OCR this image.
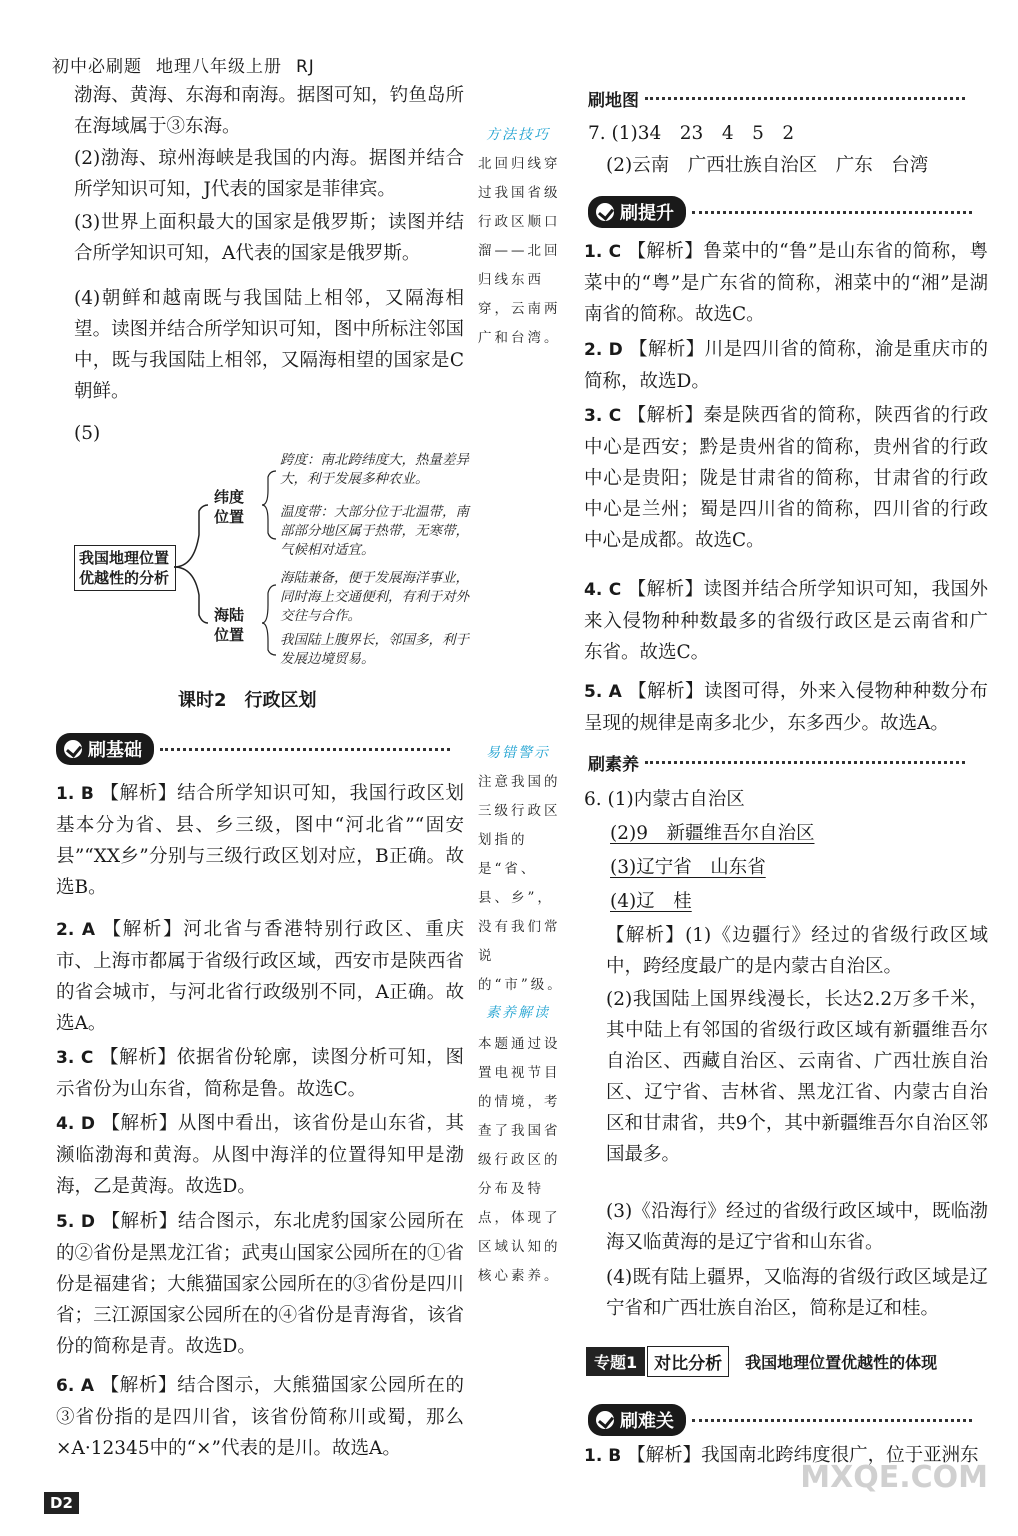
初中必刷题 地理八年级上册 RJ

渤海、黄海、东海和南海。据图可知，钓鱼岛所在海域属于③东海。

(2)渤海、琼州海峡是我国的内海。据图并结合所学知识可知，J代表的国家是菲律宾。

(3)世界上面积最大的国家是俄罗斯；读图并结合所学知识可知，A代表的国家是俄罗斯。

(4)朝鲜和越南既与我国陆上相邻，又隔海相望。读图并结合所学知识可知，图中所标注邻国中，既与我国陆上相邻，又隔海相望的国家是C朝鲜。

(5)

我国地理位置优越性的分析
纬度位置
海陆位置
跨度：南北跨纬度大，热量差异大，利于发展多种农业。
温度带：大部分位于北温带，南部部分地区属于热带，无寒带，气候相对适宜。
海陆兼备，便于发展海洋事业，同时海上交通便利，有利于对外交往与合作。
我国陆上腹界长，邻国多，利于发展边境贸易。
课时2　行政区划
刷基础
1. B 【解析】结合所学知识可知，我国行政区划基本分为省、县、乡三级，图中“河北省”“固安县”“XX乡”分别与三级行政区划对应，B正确。故选B。
2. A 【解析】河北省与香港特别行政区、重庆市、上海市都属于省级行政区域，西安市是陕西省的省会城市，与河北省行政级别不同，A正确。故选A。
3. C 【解析】依据省份轮廓，读图分析可知，图示省份为山东省，简称是鲁。故选C。
4. D 【解析】从图中看出，该省份是山东省，其濒临渤海和黄海。从图中海洋的位置得知甲是渤海，乙是黄海。故选D。
5. D 【解析】结合图示，东北虎豹国家公园所在的②省份是黑龙江省；武夷山国家公园所在的①省份是福建省；大熊猫国家公园所在的③省份是四川省；三江源国家公园所在的④省份是青海省，该省份的简称是青。故选D。
6. A 【解析】结合图示，大熊猫国家公园所在的③省份指的是四川省，该省份简称川或蜀，那么×A·12345中的“×”代表的是川。故选A。
方法技巧
北回归线穿过我国省级行政区顺口溜——北回归线东西穿，云南两广和台湾。
易错警示
注意我国的三级行政区划指的是“省、县、乡”，没有我们常说的“市”级。
素养解读
本题通过设置电视节目的情境，考查了我国省级行政区的分布及特点，体现了区域认知的核心素养。
刷地图
7. (1)34　23　4　5　2
(2)云南　广西壮族自治区　广东　台湾
刷提升
1. C 【解析】鲁菜中的“鲁”是山东省的简称，粤菜中的“粤”是广东省的简称，湘菜中的“湘”是湖南省的简称。故选C。
2. D 【解析】川是四川省的简称，渝是重庆市的简称，故选D。
3. C 【解析】秦是陕西省的简称，陕西省的行政中心是西安；黔是贵州省的简称，贵州省的行政中心是贵阳；陇是甘肃省的简称，甘肃省的行政中心是兰州；蜀是四川省的简称，四川省的行政中心是成都。故选C。
4. C 【解析】读图并结合所学知识可知，我国外来入侵物种种数最多的省级行政区是云南省和广东省。故选C。
5. A 【解析】读图可得，外来入侵物种种数分布呈现的规律是南多北少，东多西少。故选A。
刷素养
6. (1)内蒙古自治区
(2)9　新疆维吾尔自治区
(3)辽宁省　山东省
(4)辽　桂
【解析】(1)《边疆行》经过的省级行政区域中，跨经度最广的是内蒙古自治区。
(2)我国陆上国界线漫长，长达2.2万多千米，其中陆上有邻国的省级行政区域有新疆维吾尔自治区、西藏自治区、云南省、广西壮族自治区、辽宁省、吉林省、黑龙江省、内蒙古自治区和甘肃省，共9个，其中新疆维吾尔自治区邻国最多。
(3)《沿海行》经过的省级行政区域中，既临渤海又临黄海的是辽宁省和山东省。
(4)既有陆上疆界，又临海的省级行政区域是辽宁省和广西壮族自治区，简称是辽和桂。
专题1	对比分析	我国地理位置优越性的体现
刷难关
1. B 【解析】我国南北跨纬度很广，位于亚洲东
D2
MXQE.COM
